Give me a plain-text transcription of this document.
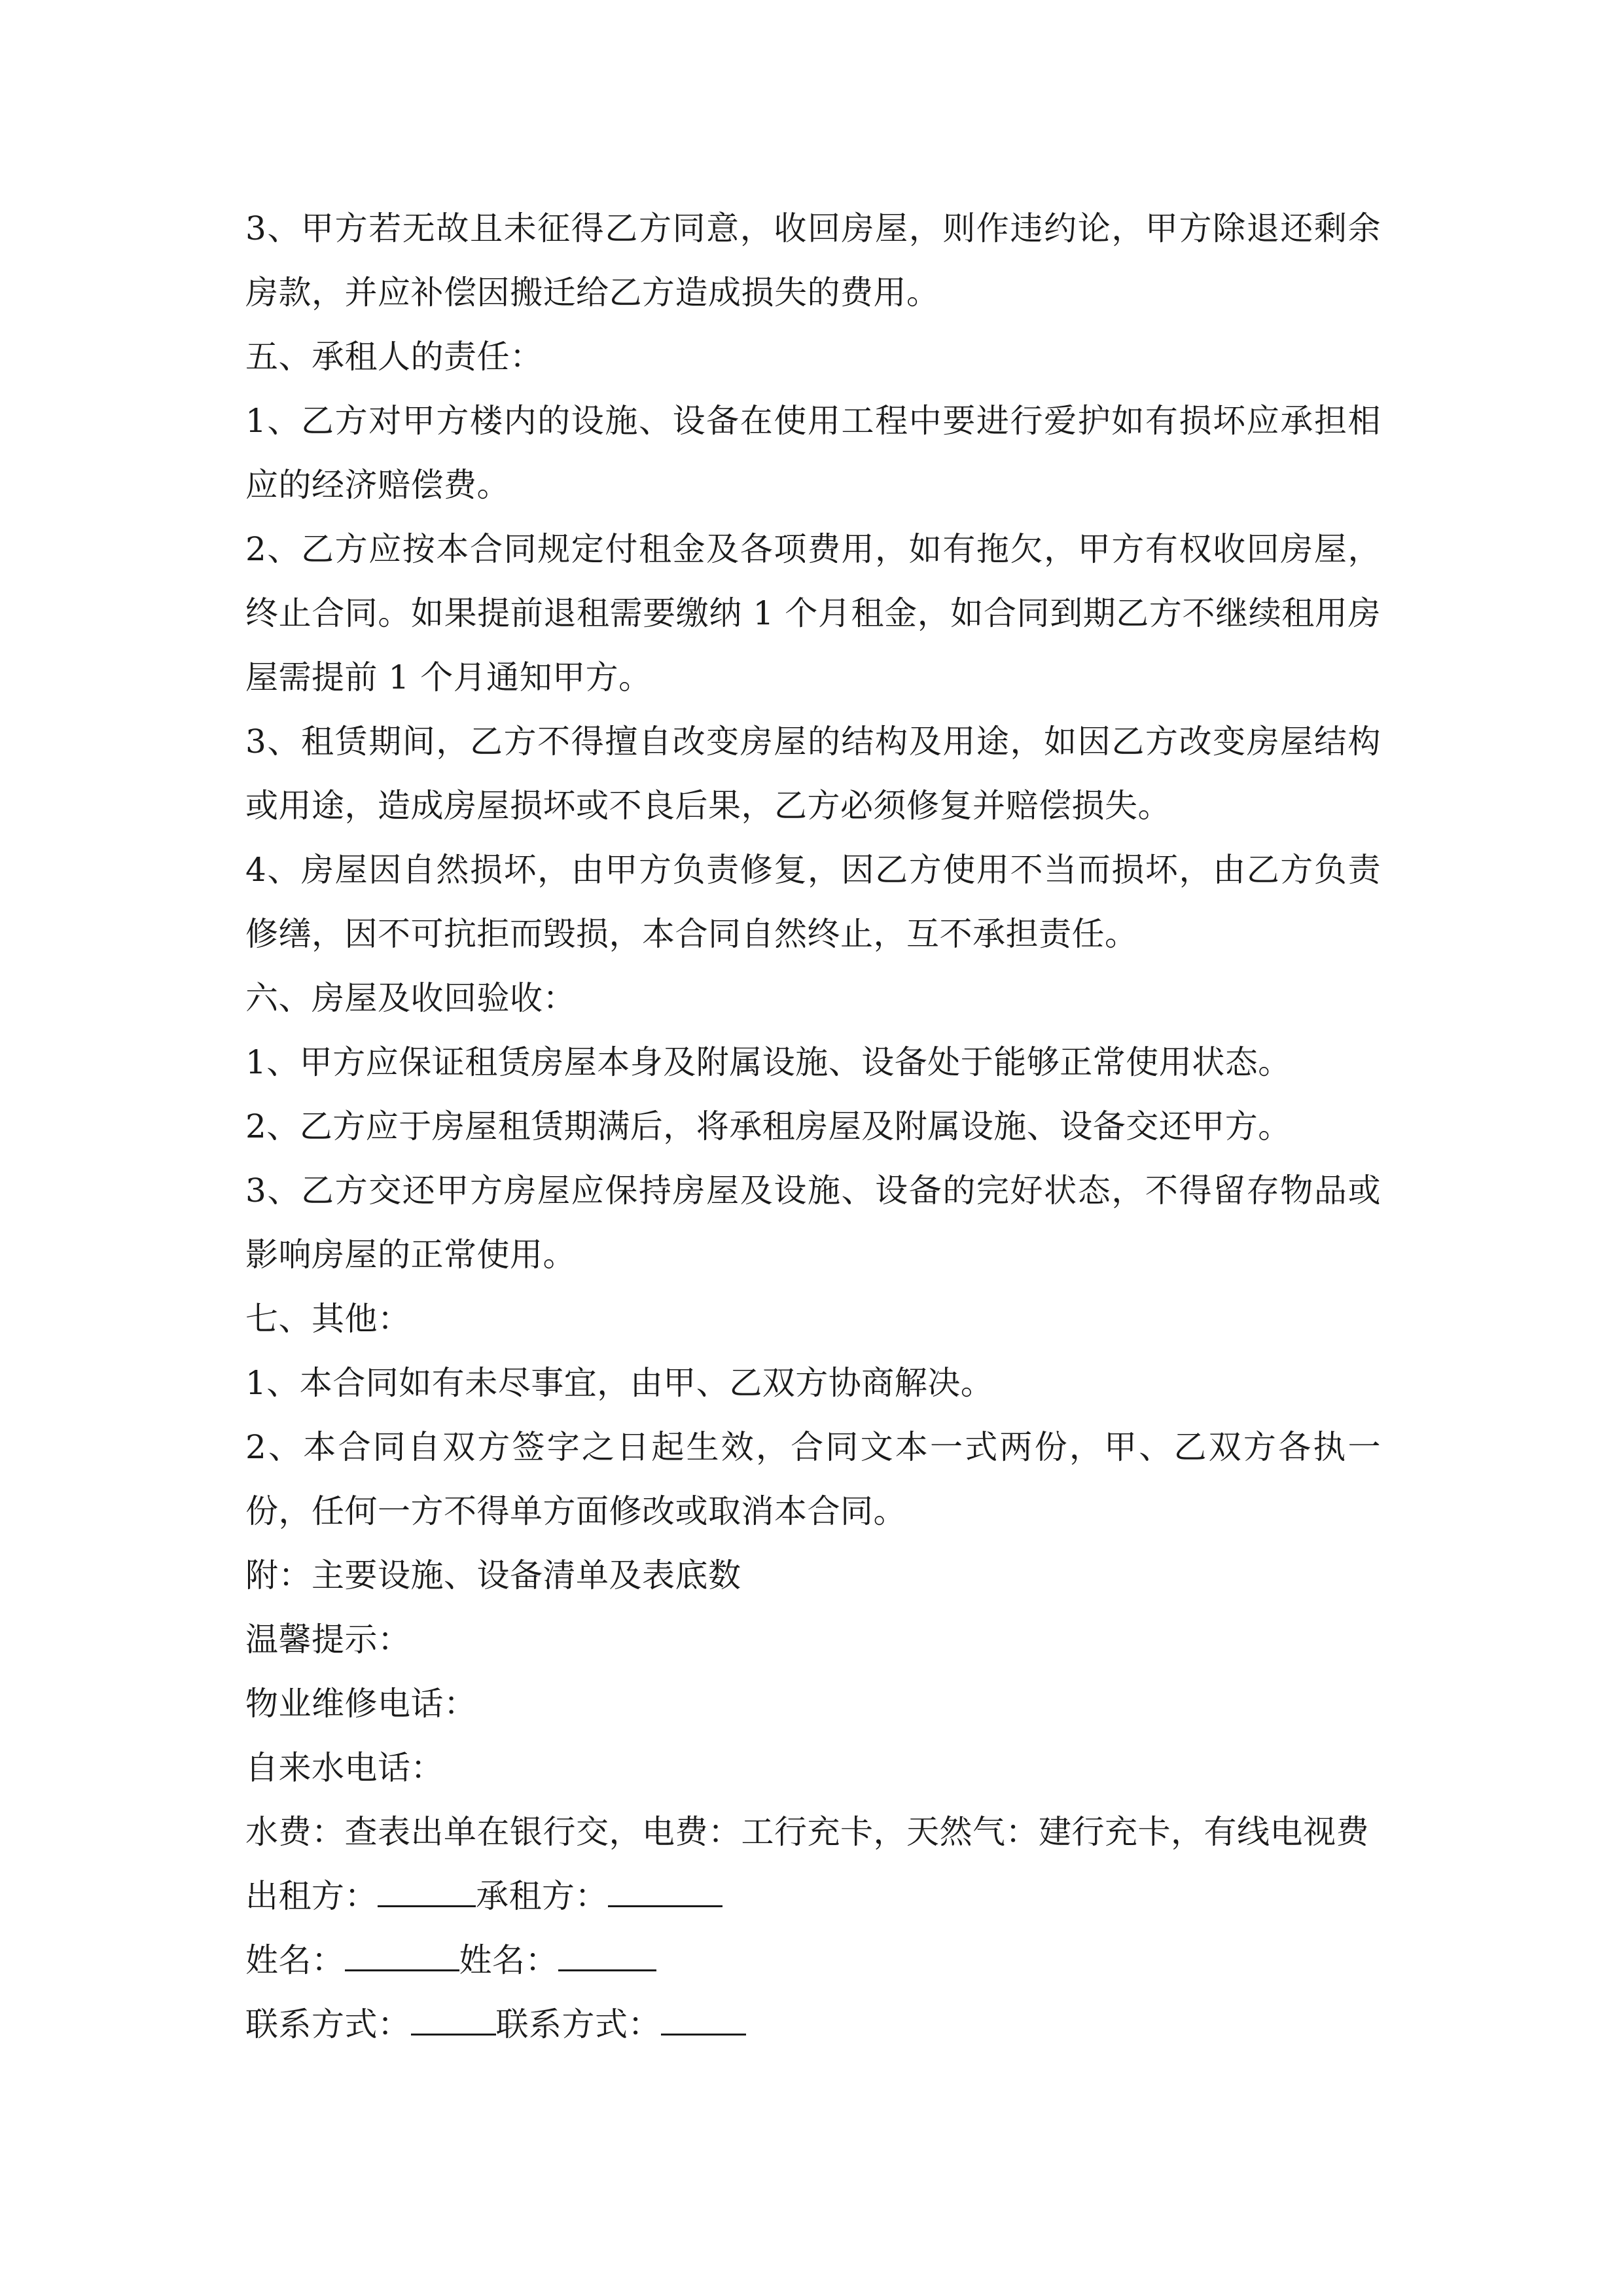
3、甲方若无故且未征得乙方同意，收回房屋，则作违约论，甲方除退还剩余房款，并应补偿因搬迁给乙方造成损失的费用。

五、承租人的责任：

1、乙方对甲方楼内的设施、设备在使用工程中要进行爱护如有损坏应承担相应的经济赔偿费。

2、乙方应按本合同规定付租金及各项费用，如有拖欠，甲方有权收回房屋，终止合同。如果提前退租需要缴纳 1 个月租金，如合同到期乙方不继续租用房屋需提前 1 个月通知甲方。

3、租赁期间，乙方不得擅自改变房屋的结构及用途，如因乙方改变房屋结构或用途，造成房屋损坏或不良后果，乙方必须修复并赔偿损失。

4、房屋因自然损坏，由甲方负责修复，因乙方使用不当而损坏，由乙方负责修缮，因不可抗拒而毁损，本合同自然终止，互不承担责任。

六、房屋及收回验收：

1、甲方应保证租赁房屋本身及附属设施、设备处于能够正常使用状态。

2、乙方应于房屋租赁期满后，将承租房屋及附属设施、设备交还甲方。

3、乙方交还甲方房屋应保持房屋及设施、设备的完好状态，不得留存物品或影响房屋的正常使用。

七、其他：

1、本合同如有未尽事宜，由甲、乙双方协商解决。

2、本合同自双方签字之日起生效，合同文本一式两份，甲、乙双方各执一份，任何一方不得单方面修改或取消本合同。

附：主要设施、设备清单及表底数

温馨提示：

物业维修电话：

自来水电话：

水费：查表出单在银行交，电费：工行充卡，天然气：建行充卡，有线电视费

出租方：	承租方：

姓名：	姓名：

联系方式：	联系方式：
